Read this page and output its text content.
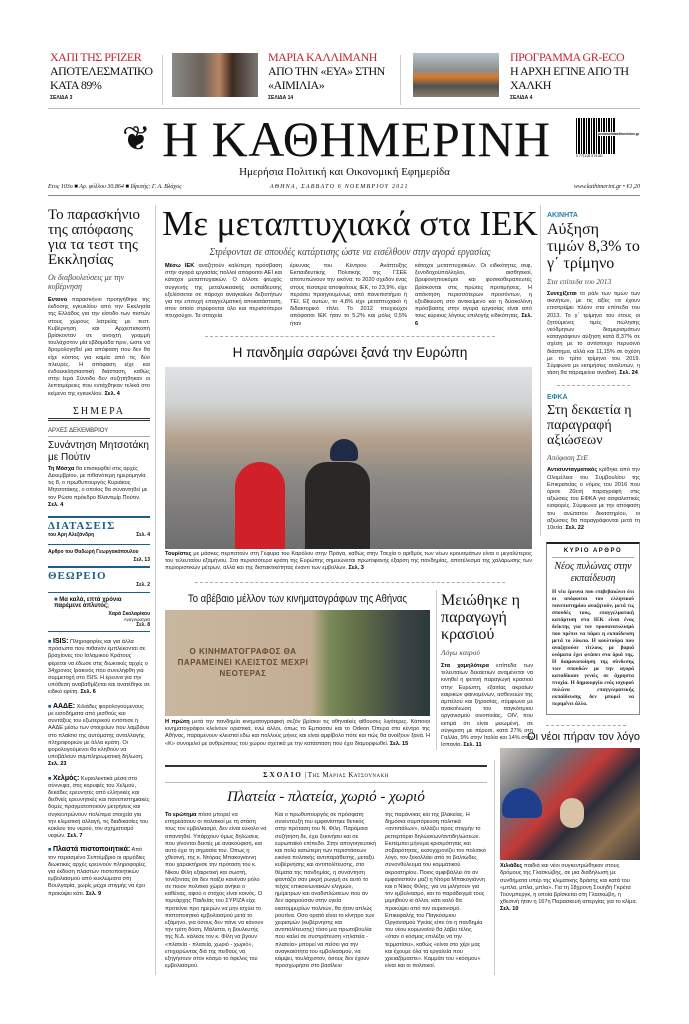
ΧΑΠΙ ΤΗΣ PFIZER
ΑΠΟΤΕΛΕΣΜΑΤΙΚΟ ΚΑΤΑ 89%
ΣΕΛΙΔΑ 3
ΜΑΡΙΑ ΚΑΛΛΙΜΑΝΗ
ΑΠΟ ΤΗΝ «ΕΥΑ» ΣΤΗΝ «ΑΙΜΙΛΙΑ»
ΣΕΛΙΔΑ 14
ΠΡΟΓΡΑΜΜΑ GR-ECO
Η ΑΡΧΗ ΕΓΙΝΕ ΑΠΟ ΤΗ ΧΑΛΚΗ
ΣΕΛΙΔΑ 4
❦ Η ΚΑΘΗΜΕΡΙΝΗ	protoselidaefimeridon.gr
9 771108 979181
Ημερήσια Πολιτική και Οικονομική Εφημερίδα
Ετος 103ο ■ Αρ. φύλλου 30.864 ■ Ιδρυτής: Γ. Α. Βλάχος	ΑΘΗΝΑ, ΣΑΒΒΑΤΟ 6 ΝΟΕΜΒΡΙΟΥ 2021	www.kathimerini.gr • €1,20
Το παρασκήνιο της απόφασης για τα τεστ της Εκκλησίας
Οι διαβουλεύσεις με την κυβέρνηση

Εντονο παρασκήνιο προηγήθηκε της έκδοσης εγκυκλίου από την Εκκλησία της Ελλάδος για την είσοδο των πιστών στους χώρους λατρείας με τεστ. Κυβέρνηση και Αρχιεπισκοπή βρίσκονταν σε ανοιχτή γραμμή τουλάχιστον μία εβδομάδα πριν, ώστε να δρομολογηθεί μια απόφαση που δεν θα είχε κόστος για καμία από τις δύο πλευρές. Η απόφαση είχε και ενδοεκκλησιαστική διάσταση, καθώς στην Ιερά Σύνοδο δεν συζητήθηκαν οι λεπτομέρειες που εντάχθηκαν τελικά στο κείμενο της εγκυκλίου. Σελ. 4

ΣΗΜΕΡΑ
ΑΡΧΕΣ ΔΕΚΕΜΒΡΙΟΥ
Συνάντηση Μητσοτάκη με Πούτιν

Τη Μόσχα θα επισκεφθεί στις αρχές Δεκεμβρίου, με πιθανότερη ημερομηνία τις 8, ο πρωθυπουργός Κυριάκος Μητσοτάκης, ο οποίος θα συναντηθεί με τον Ρώσο πρόεδρο Βλαντιμίρ Πούτιν. Σελ. 4

ΔΙΑΤΑΣΕΙΣ
του Αρη Αλεξάνδρη	Σελ. 4
Αρθρο του Θαδωρή Γεωργακόπουλου
Σελ. 13
ΘΕΩΡΕΙΟ
Σελ. 2
■ Μα καλά, επτά χρόνια παρέμενε άπλυτος;
Χαρά Σκολαρίκου
Αναγνώστρια
Σελ. 8

■ ISIS: Πληροφορίες και για άλλα πρόσωπα που πιθανόν εμπλέκονται σε βραχίονες του Ισλαμικού Κράτους φέρεται να έδωσε στις διωκτικές αρχές ο 34χρονος Ιρακινός που συνελήφθη για συμμετοχή στο ISIS. Η έρευνα για την υπόθεση αναβαθμίζεται και ανατέθηκε σε ειδικό εφέτη. Σελ. 6

■ ΑΑΔΕ: Χιλιάδες φορολογούμενους με εισοδήματα από μισθούς και συντάξεις του εξωτερικού εντόπισε η ΑΑΔΕ μέσω των στοιχείων που λαμβάνει στο πλαίσιο της αυτόματης ανταλλαγής πληροφοριών με άλλα κράτη. Οι φορολογούμενοι θα κληθούν να υποβάλουν συμπληρωματική δήλωση. Σελ. 23

■ Χελμός: Κυριολεκτικά μέσα στα σύννεφα, στις κορυφές του Χελμού, δεκάδες ερευνητές από ελληνικές και διεθνείς ερευνητικές και πανεπιστημιακές δομές πραγματοποιούν μετρήσεις και συγκεντρώνουν πολύτιμα στοιχεία για την κλιματική αλλαγή, τις διαδικασίες του κύκλου του νερού, τον σχηματισμό νεφών. Σελ. 7

■ Πλαστά πιστοποιητικά: Από τον περασμένο Σεπτέμβριο οι αρμόδιες διωκτικές αρχές ερευνούν πληροφορίες για έκδοση πλαστών πιστοποιητικών εμβολιασμού από κυκλώματα στη Βουλγαρία, χωρίς μέχρι στιγμής να έχει προκύψει κάτι. Σελ. 9

Με μεταπτυχιακά στα ΙΕΚ
Στρέφονται σε σπουδές κατάρτισης ώστε να εισέλθουν στην αγορά εργασίας

Μέσω ΙΕΚ αναζητούν καλύτερη πρόσβαση στην αγορά εργασίας πολλοί απόφοιτοι ΑΕΙ και κάτοχοι μεταπτυχιακών. Ο άλλοτε φτωχός συγγενής της μεταλυκειακής εκπαίδευσης εξελίσσεται σε πάροχο αναγκαίων δεξιοτήτων για την επιτυχή επαγγελματική αποκατάσταση, στον οποίο στρέφονται όλο και περισσότεροι πτυχιούχοι. Τα στοιχεία

έρευνας του Κέντρου Ανάπτυξης Εκπαιδευτικής Πολιτικής της ΓΣΕΕ αποτυπώνουν την εικόνα: το 2020 σχεδόν ένας στους τέσσερα αποφοίτους ΙΕΚ, το 23,9%, είχε περάσει προηγουμένως από πανεπιστήμιο ή ΤΕΙ. Εξ αυτών, το 4,8% είχε μεταπτυχιακό ή διδακτορικό τίτλο. Το 2012 πτυχιούχοι απόφοιτοι ΙΕΚ ήταν το 5,2% και μόλις 0,5% ήταν

κάτοχοι μεταπτυχιακών. Οι ειδικότητες σεφ, ξενοδοχοϋπάλληλοι, αισθητικοί, βρεφονηπιοκόμοι και φυσικοθεραπευτές βρίσκονται στις πρώτες προτιμήσεις. Η απόκτηση περισσότερων προσόντων, η εξειδίκευση στο αντικείμενο και η δυσκολόνη πρόσβασης στην αγορά εργασίας είναι από τους κύριους λόγους επιλογής ειδικότητας. Σελ. 6

Η πανδημία σαρώνει ξανά την Ευρώπη

Τουρίστες με μάσκες περπατούν στη Γέφυρα του Καρόλου στην Πράγα, καθώς στην Τσεχία ο αριθμός των νέων κρουσμάτων είναι ο μεγαλύτερος του τελευταίου εξαμήνου. Στα περισσότερα κράτη της Ευρώπης σημειώνεται πρωτοφανής έξαρση της πανδημίας, αποτέλεσμα της χαλάρωσης των περιοριστικών μέτρων, αλλά και της διστακτικότητας έναντι των εμβολίων. Σελ. 3

Το αβέβαιο μέλλον των κινηματογράφων της Αθήνας
Ο ΚΙΝΗΜΑΤΟΓΡΑΦΟΣ ΘΑ ΠΑΡΑΜΕΙΝΕΙ ΚΛΕΙΣΤΟΣ ΜΕΧΡΙ ΝΕΟΤΕΡΑΣ

Η πρώτη μετά την πανδημία κινηματογραφική σεζόν βρίσκει τις αθηναϊκές αίθουσες λιγότερες. Κάποιοι κινηματογράφοι κλείνουν οριστικά, ενώ άλλοι, όπως το Εμπασσυ και το Odeon Όπερα στο κέντρο της Αθήνας, παραμένουν κλειστοί εδώ και πολλούς μήνες και είναι αμφίβολο πότε και πώς θα ανοίξουν ξανά. Η «Κ» συνομιλεί με ανθρώπους του χώρου σχετικά με την κατάσταση που έχει διαμορφωθεί. Σελ. 15

Μειώθηκε η παραγωγή κρασιού
Λόγω καιρού

Στα χαμηλότερα επίπεδα των τελευταίων δεκαετιών αναμένεται να κινηθεί η φετινή παραγωγή κρασιού στην Ευρώπη, εξαιτίας ακραίων καιρικών φαινομένων, ασθενειών της αμπέλου και ξηρασίας, σύμφωνα με ανακοίνωση του παγκόσμιου οργανισμού οινοποιίας, OIV, που εκτιμά ότι είναι μειωμένη, σε σύγκριση με πέρυσι, κατά 27% στη Γαλλία, 9% στην Ιταλία και 14% στην Ισπανία. Σελ. 11

ΣΧΟΛΙΟ | Της Μαριας Κατσουνακη
Πλατεία - πλατεία, χωριό - χωριό

Το ερώτημα πόσο μπορεί να επηρεάσουν οι πολιτικοί με τη στάση τους τον εμβολιασμό, δεν είναι εύκολο να απαντηθεί. Υπάρχουν όμως δηλώσεις που γίνονται δεκτές με ανακούφιση, και αυτό έχει τη σημασία του. Οπως η χθεσινή, της κ. Ντόρας Μπακογιάννη που χαρακτήρισε την πρόταση του κ. Νίκου Φίλη εξαιρετική και σωστή, τονίζοντας ότι δεν παίζει κανέναν ρόλο σε ποιον πολιτικό χώρο ανήκει ο καθένας, αφού ο στόχος είναι κοινός. Ο τομεάρχης Παιδείας του ΣΥΡΙΖΑ είχε προτείνει προ ημερών να μην ισχύει το πιστοποιητικό εμβολιασμού μετά το εξάμηνο, για όσους δεν πάνε να κάνουν την τρίτη δόση. Μάλιστα, η βουλευτής της Ν.Δ. κάλεσε τον κ. Φίλη να βγουν «πλατεία - πλατεία, χωριό - χωριό», επιχειρώντας διά της πειθούς να εξηγήσουν στον κόσμο το όφελος του εμβολιασμού.

Και ο πρωθυπουργός σε πρόσφατη συνέντευξή του εμφανίστηκε θετικός στην πρόταση του Ν. Φίλη. Παρόμοια συζήτηση δε, έχει ξεκινήσει και σε ευρωπαϊκό επίπεδο. Στην απογοητευτική και πολύ κατώτερη των περιστάσεων εικόνα πολιτικής αντιπαράθεσης, μεταξύ κυβέρνησης και αντιπολίτευσης, στο θέματα της πανδημίας, η συνάντηση φαντάζει σαν μικρή ρωγμή σε αυτό το τείχος επικοινωνιακών ελιγμών, ημίμετρων και αναδιπλώσεων που αν δεν αφορούσαν στην υγεία εκατομμυρίων πολιτών, θα ήταν απλώς ρουτίνα. Οσο ορατό είναι το κίνητρο των χειρισμών (κυβέρνησης και αντιπολίτευσης) τόσο μια πρωτοβουλία που καλεί σε συστράτευση «πλατεία - πλατεία» μπορεί να πείσει για την αναγκαιότητα του εμβολιασμού, να κάμψει, τουλάχιστον, όσους δεν έχουν προσχωρήσει στο βασίλειο

της παράνοιας και της βλακείας. Η δημόσια συμπόρευση πολιτικά «αντιπάλων», αλλάζει προς στιγμήν το ρεπερτόριο δηλώσεων/αντιδηλώσεων. Εκπέμπει μήνυμα κρισιμότητας και σοβαρότητας, εκσυγχρονίζει τον πολιτικό λόγο, τον ξεκολλάει από το βαλτώδες συνονθύλευμα του κομματικού ακροατηρίου. Ποιος αμφιβάλλει ότι αν εμφανιστούν μαζί η Ντόρα Μπακογιάννη και ο Νίκος Φίλης, για να μιλήσουν για τον εμβολιασμό, και το παράδειγμά τους μιμηθούν κι άλλοι, κάτι καλό θα προκύψει από τον αυριανισμό. Επικεφαλής του Παγκόσμιου Οργανισμού Υγείας είπε ότι η πανδημία του νέου κορωνοϊού θα λάβει τέλος «όταν ο κόσμος επιλέξει να την τερματίσει», καθώς «είναι στο χέρι μας και έχουμε όλα τα εργαλεία που χρειαζόμαστε». Καμμάτι του «κόσμου» είναι και οι πολιτικοί.

ΑΚΙΝΗΤΑ
Αύξηση τιμών 8,3% το γ΄ τρίμηνο
Στα επίπεδα του 2013

Συνεχίζεται το ράλι των τιμών των ακινήτων, με τις αξίες να έχουν επιστρέψει πλέον στα επίπεδα του 2013. Το γ΄ τρίμηνο του έτους οι ζητούμενες τιμές πώλησης νεόδμητων διαμερισμάτων καταγράφουν αύξηση κατά 8,37% σε σχέση με το αντίστοιχο περυσινό διάστημα, αλλά και 11,15% σε σχέση με το τρίτο τρίμηνο του 2019. Σύμφωνα με εκτιμήσεις αναλυτών, η τάση θα παραμείνει ανοδική. Σελ. 24

ΕΦΚΑ
Στη δεκαετία η παραγραφή αξιώσεων
Απόφαση ΣτΕ

Αντισυνταγματικός κρίθηκε από την Ολομέλεια του Συμβουλίου της Επικρατείας ο νόμος του 2016 που όρισε 20ετή παραγραφή στις αξιώσεις του ΕΦΚΑ για ασφαλιστικές εισφορές. Σύμφωνα με την απόφαση του ανώτατου δικαστηρίου, οι αξιώσεις θα παραγράφονται μετά τη 10ετία. Σελ. 22

ΚΥΡΙΟ ΑΡΘΡΟ
Νέος πυλώνας στην εκπαίδευση

Η νέα έρευνα που επιβεβαιώνει ότι οι απόφοιτοι του ελληνικού πανεπιστημίου αναζητούν, μετά τις σπουδές τους, επαγγελματική κατάρτιση στα ΙΕΚ είναι ένας δείκτης για τον προσανατολισμό που πρέπει να πάρει η εκπαίδευση μετά το λύκειο. Η κουλτούρα που αναζητούσε τίτλους με βαριά ονόματα έχει φτάσει στα όριά της. Η δαιμονοποίηση της σύνδεσης των σπουδών με την αγορά καταδίκασε γενιές σε άχρηστα πτυχία. Η δημιουργία ενός ισχυρού πυλώνα επαγγελματικής εκπαίδευσης δεν μπορεί να περιμένει άλλο.

Οι νέοι πήραν τον λόγο

Χιλιάδες παιδιά και νέοι συγκεντρώθηκαν στους δρόμους της Γλασκώβης, σε μια διαδήλωση με συνθήματα υπέρ της κλιματικής δράσης και κατά του «μπλα, μπλα, μπλα». Για τη 18χρονη Σουηδή Γκρέτα Τούνμπεργκ, η οποία βρίσκεται στη Γλασκώβη, η χθεσινή ήταν η 167η Παρασκευή απεργίας για το κλίμα. Σελ. 10
